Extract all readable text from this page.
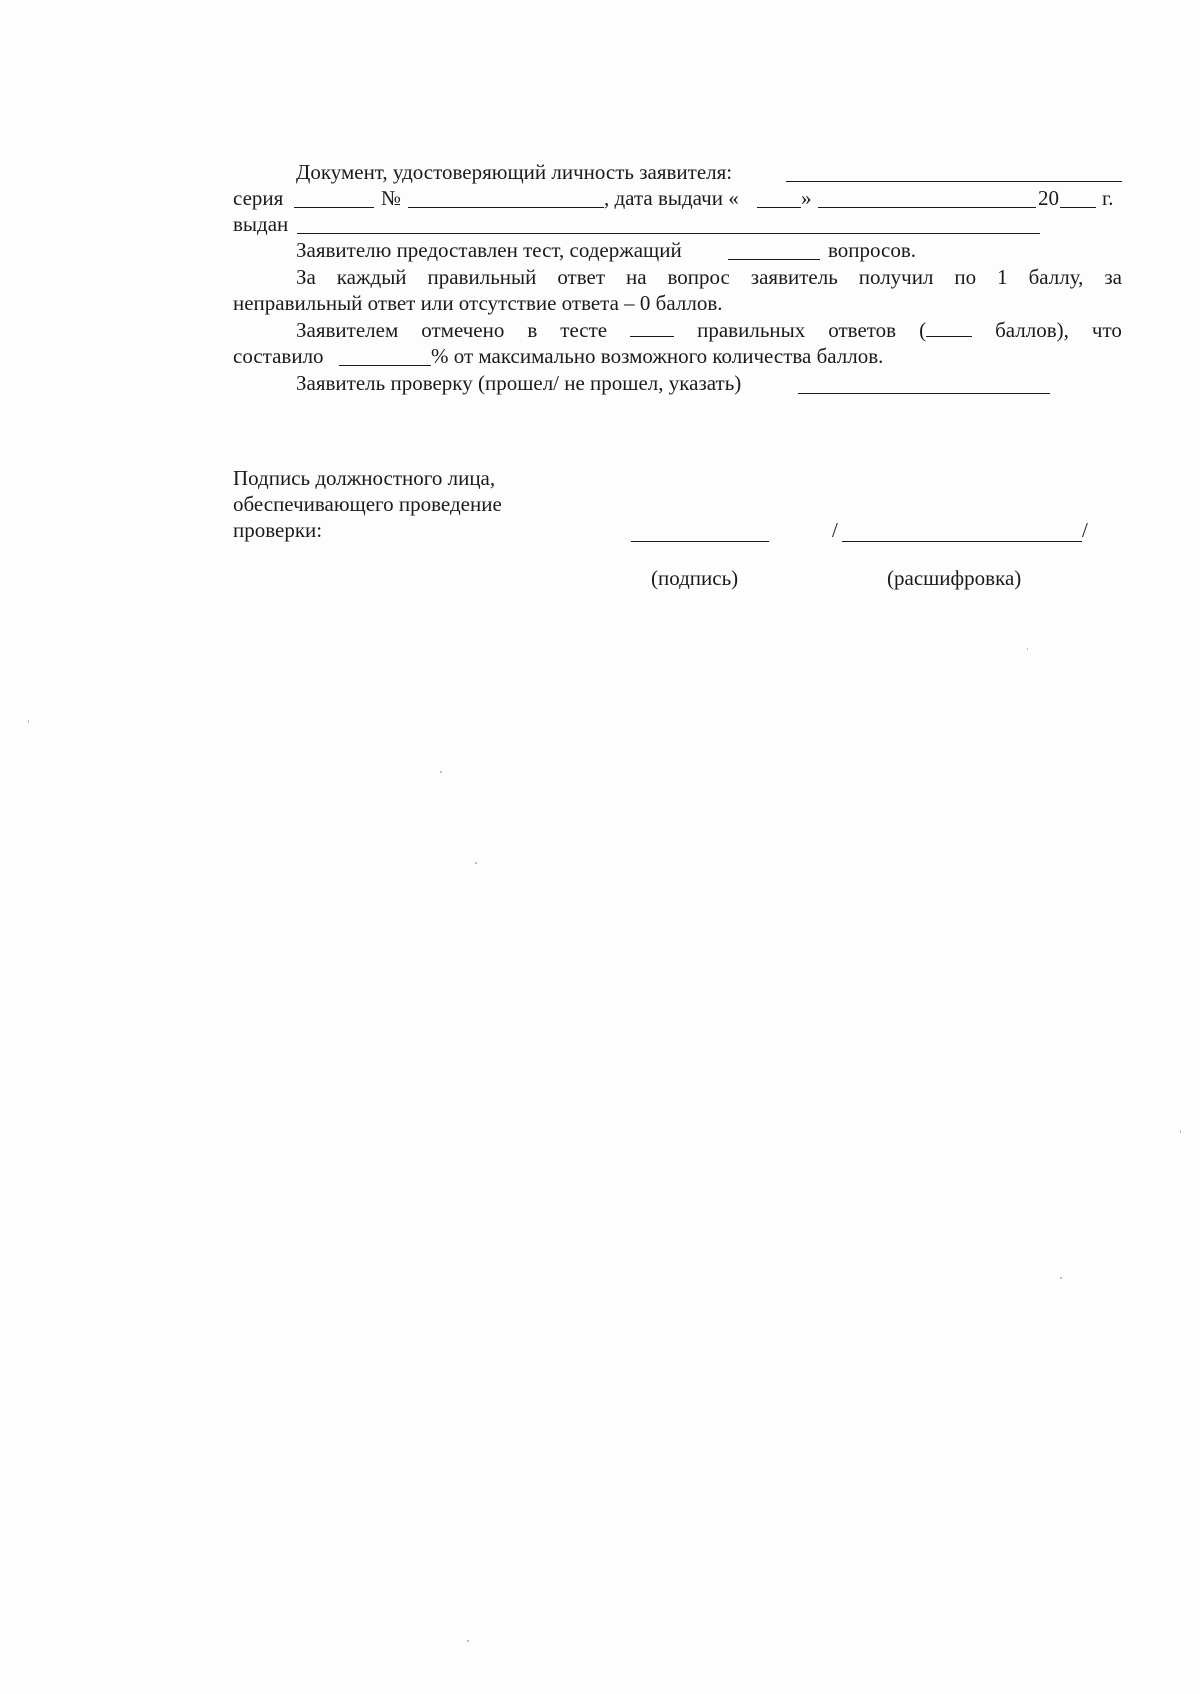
Документ, удостоверяющий личность заявителя:
серия	№	, дата выдачи «	»	20 г.
выдан
Заявителю предоставлен тест, содержащий	вопросов.
За каждый правильный ответ на вопрос заявитель получил по 1 баллу, за
неправильный ответ или отсутствие ответа – 0 баллов.
Заявителем отмечено в тесте	правильных ответов (	баллов), что
составило	% от максимально возможного количества баллов.
Заявитель проверку (прошел/ не прошел, указать)
Подпись должностного лица,
обеспечивающего проведение
проверки:	/	/
(подпись)	(расшифровка)
